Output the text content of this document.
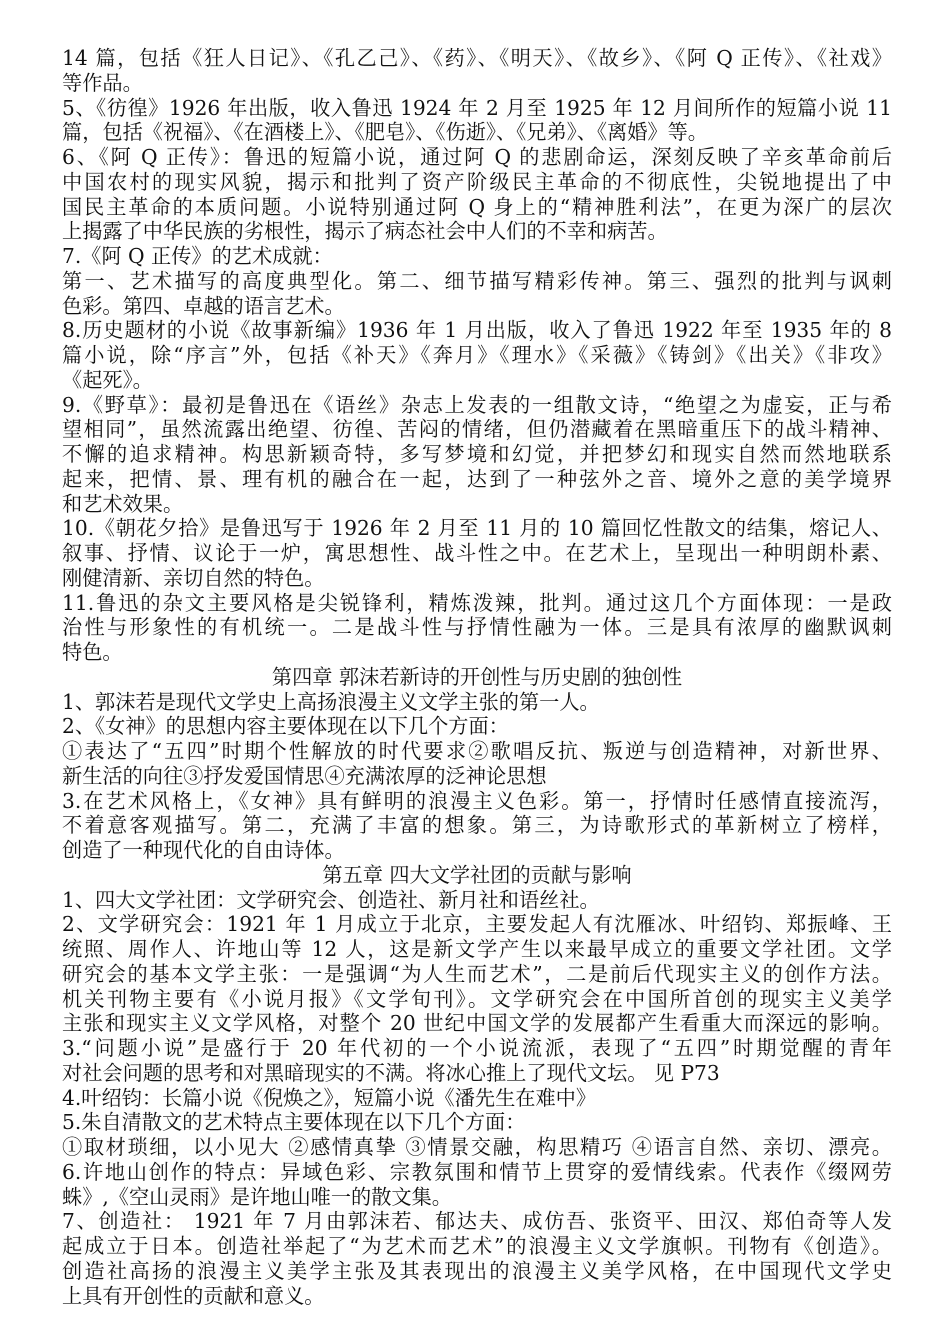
14 篇，包括《狂人日记》、《孔乙己》、《药》、《明天》、《故乡》、《阿 Q 正传》、《社戏》
等作品。
5、《彷徨》1926 年出版，收入鲁迅 1924 年 2 月至 1925 年 12 月间所作的短篇小说 11
篇，包括《祝福》、《在酒楼上》、《肥皂》、《伤逝》、《兄弟》、《离婚》等。
6、《阿 Q 正传》：鲁迅的短篇小说，通过阿 Q 的悲剧命运，深刻反映了辛亥革命前后
中国农村的现实风貌，揭示和批判了资产阶级民主革命的不彻底性，尖锐地提出了中
国民主革命的本质问题。小说特别通过阿 Q 身上的“精神胜利法”，在更为深广的层次
上揭露了中华民族的劣根性，揭示了病态社会中人们的不幸和病苦。
7.《阿 Q 正传》的艺术成就：
第一、艺术描写的高度典型化。第二、细节描写精彩传神。第三、强烈的批判与讽刺
色彩。第四、卓越的语言艺术。
8.历史题材的小说《故事新编》1936 年 1 月出版，收入了鲁迅 1922 年至 1935 年的 8
篇小说，除“序言”外，包括《补天》《奔月》《理水》《采薇》《铸剑》《出关》《非攻》
《起死》。
9.《野草》：最初是鲁迅在《语丝》杂志上发表的一组散文诗，“绝望之为虚妄，正与希
望相同”，虽然流露出绝望、彷徨、苦闷的情绪，但仍潜藏着在黑暗重压下的战斗精神、
不懈的追求精神。构思新颖奇特，多写梦境和幻觉，并把梦幻和现实自然而然地联系
起来，把情、景、理有机的融合在一起，达到了一种弦外之音、境外之意的美学境界
和艺术效果。
10.《朝花夕拾》是鲁迅写于 1926 年 2 月至 11 月的 10 篇回忆性散文的结集，熔记人、
叙事、抒情、议论于一炉，寓思想性、战斗性之中。在艺术上，呈现出一种明朗朴素、
刚健清新、亲切自然的特色。
11.鲁迅的杂文主要风格是尖锐锋利，精炼泼辣，批判。通过这几个方面体现：一是政
治性与形象性的有机统一。二是战斗性与抒情性融为一体。三是具有浓厚的幽默讽刺
特色。
第四章 郭沫若新诗的开创性与历史剧的独创性
1、郭沫若是现代文学史上高扬浪漫主义文学主张的第一人。
2、《女神》的思想内容主要体现在以下几个方面：
①表达了“五四”时期个性解放的时代要求②歌唱反抗、叛逆与创造精神，对新世界、
新生活的向往③抒发爱国情思④充满浓厚的泛神论思想
3.在艺术风格上，《女神》具有鲜明的浪漫主义色彩。第一，抒情时任感情直接流泻，
不着意客观描写。第二，充满了丰富的想象。第三，为诗歌形式的革新树立了榜样，
创造了一种现代化的自由诗体。
第五章 四大文学社团的贡献与影响
1、四大文学社团：文学研究会、创造社、新月社和语丝社。
2、文学研究会：1921 年 1 月成立于北京，主要发起人有沈雁冰、叶绍钧、郑振峰、王
统照、周作人、许地山等 12 人，这是新文学产生以来最早成立的重要文学社团。文学
研究会的基本文学主张：一是强调“为人生而艺术”，二是前后代现实主义的创作方法。
机关刊物主要有《小说月报》《文学旬刊》。文学研究会在中国所首创的现实主义美学
主张和现实主义文学风格，对整个 20 世纪中国文学的发展都产生看重大而深远的影响。
3.“问题小说”是盛行于 20 年代初的一个小说流派，表现了“五四”时期觉醒的青年
对社会问题的思考和对黑暗现实的不满。将冰心推上了现代文坛。 见 P73
4.叶绍钧：长篇小说《倪焕之》，短篇小说《潘先生在难中》
5.朱自清散文的艺术特点主要体现在以下几个方面：
①取材琐细，以小见大 ②感情真挚 ③情景交融，构思精巧 ④语言自然、亲切、漂亮。
6.许地山创作的特点：异域色彩、宗教氛围和情节上贯穿的爱情线索。代表作《缀网劳
蛛》,《空山灵雨》是许地山唯一的散文集。
7、创造社： 1921 年 7 月由郭沫若、郁达夫、成仿吾、张资平、田汉、郑伯奇等人发
起成立于日本。创造社举起了“为艺术而艺术”的浪漫主义文学旗帜。刊物有《创造》。
创造社高扬的浪漫主义美学主张及其表现出的浪漫主义美学风格，在中国现代文学史
上具有开创性的贡献和意义。
